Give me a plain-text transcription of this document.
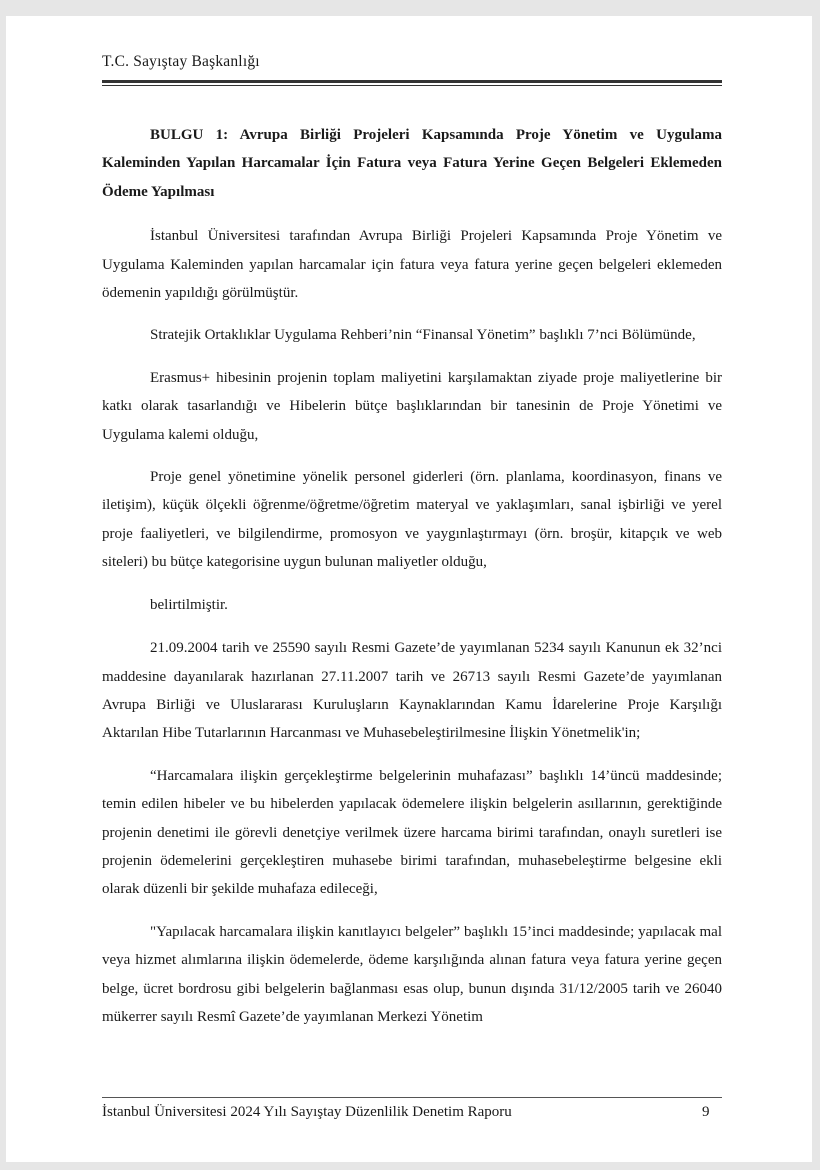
T.C. Sayıştay Başkanlığı

BULGU 1: Avrupa Birliği Projeleri Kapsamında Proje Yönetim ve Uygulama Kaleminden Yapılan Harcamalar İçin Fatura veya Fatura Yerine Geçen Belgeleri Eklemeden Ödeme Yapılması

İstanbul Üniversitesi tarafından Avrupa Birliği Projeleri Kapsamında Proje Yönetim ve Uygulama Kaleminden yapılan harcamalar için fatura veya fatura yerine geçen belgeleri eklemeden ödemenin yapıldığı görülmüştür.

Stratejik Ortaklıklar Uygulama Rehberi’nin “Finansal Yönetim” başlıklı 7’nci Bölümünde,

Erasmus+ hibesinin projenin toplam maliyetini karşılamaktan ziyade proje maliyetlerine bir katkı olarak tasarlandığı ve Hibelerin bütçe başlıklarından bir tanesinin de Proje Yönetimi ve Uygulama kalemi olduğu,

Proje genel yönetimine yönelik personel giderleri (örn. planlama, koordinasyon, finans ve iletişim), küçük ölçekli öğrenme/öğretme/öğretim materyal ve yaklaşımları, sanal işbirliği ve yerel proje faaliyetleri, ve bilgilendirme, promosyon ve yaygınlaştırmayı (örn. broşür, kitapçık ve web siteleri) bu bütçe kategorisine uygun bulunan maliyetler olduğu,

belirtilmiştir.

21.09.2004 tarih ve 25590 sayılı Resmi Gazete’de yayımlanan 5234 sayılı Kanunun ek 32’nci maddesine dayanılarak hazırlanan 27.11.2007 tarih ve 26713 sayılı Resmi Gazete’de yayımlanan Avrupa Birliği ve Uluslararası Kuruluşların Kaynaklarından Kamu İdarelerine Proje Karşılığı Aktarılan Hibe Tutarlarının Harcanması ve Muhasebeleştirilmesine İlişkin Yönetmelik'in;

“Harcamalara ilişkin gerçekleştirme belgelerinin muhafazası” başlıklı 14’üncü maddesinde; temin edilen hibeler ve bu hibelerden yapılacak ödemelere ilişkin belgelerin asıllarının, gerektiğinde projenin denetimi ile görevli denetçiye verilmek üzere harcama birimi tarafından, onaylı suretleri ise projenin ödemelerini gerçekleştiren muhasebe birimi tarafından, muhasebeleştirme belgesine ekli olarak düzenli bir şekilde muhafaza edileceği,

"Yapılacak harcamalara ilişkin kanıtlayıcı belgeler” başlıklı 15’inci maddesinde; yapılacak mal veya hizmet alımlarına ilişkin ödemelerde, ödeme karşılığında alınan fatura veya fatura yerine geçen belge, ücret bordrosu gibi belgelerin bağlanması esas olup, bunun dışında 31/12/2005 tarih ve 26040 mükerrer sayılı Resmî Gazete’de yayımlanan Merkezi Yönetim

İstanbul Üniversitesi 2024 Yılı Sayıştay Düzenlilik Denetim Raporu	9
